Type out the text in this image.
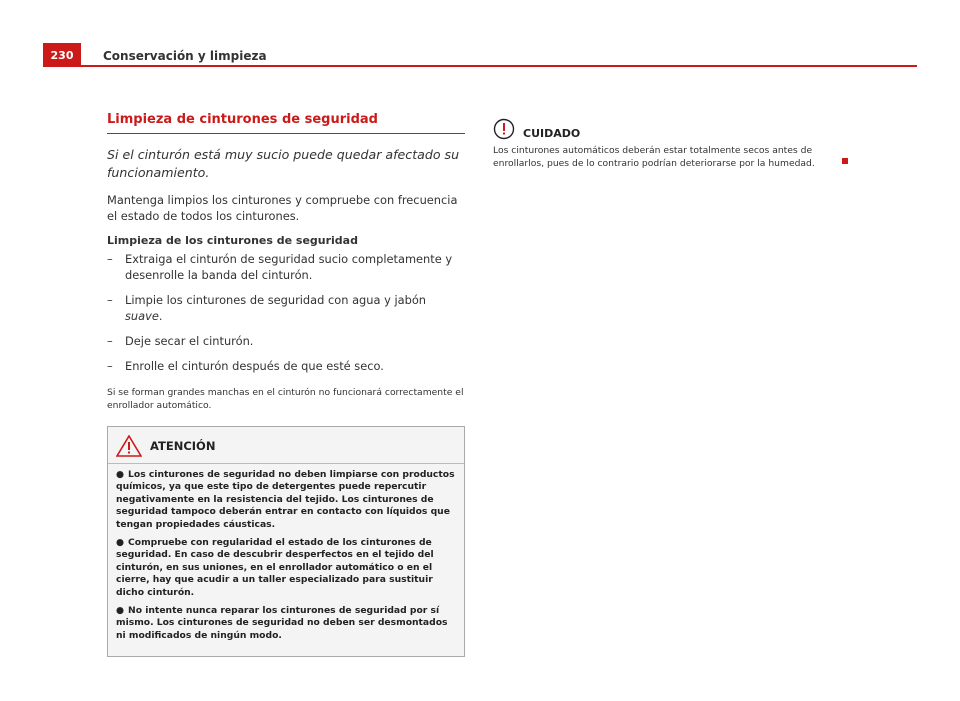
230	Conservación y limpieza
Limpieza de cinturones de seguridad

Si el cinturón está muy sucio puede quedar afectado su funcionamiento.

Mantenga limpios los cinturones y compruebe con frecuencia el estado de todos los cinturones.

Limpieza de los cinturones de seguridad

– Extraiga el cinturón de seguridad sucio completamente y desenrolle la banda del cinturón.
– Limpie los cinturones de seguridad con agua y jabón suave.
– Deje secar el cinturón.
– Enrolle el cinturón después de que esté seco.

Si se forman grandes manchas en el cinturón no funcionará correctamente el enrollador automático.

ATENCIÓN

● Los cinturones de seguridad no deben limpiarse con productos químicos, ya que este tipo de detergentes puede repercutir negativamente en la resistencia del tejido. Los cinturones de seguridad tampoco deberán entrar en contacto con líquidos que tengan propiedades cáusticas.

● Compruebe con regularidad el estado de los cinturones de seguridad. En caso de descubrir desperfectos en el tejido del cinturón, en sus uniones, en el enrollador automático o en el cierre, hay que acudir a un taller especializado para sustituir dicho cinturón.

● No intente nunca reparar los cinturones de seguridad por sí mismo. Los cinturones de seguridad no deben ser desmontados ni modificados de ningún modo.

CUIDADO

Los cinturones automáticos deberán estar totalmente secos antes de enrollarlos, pues de lo contrario podrían deteriorarse por la humedad.
